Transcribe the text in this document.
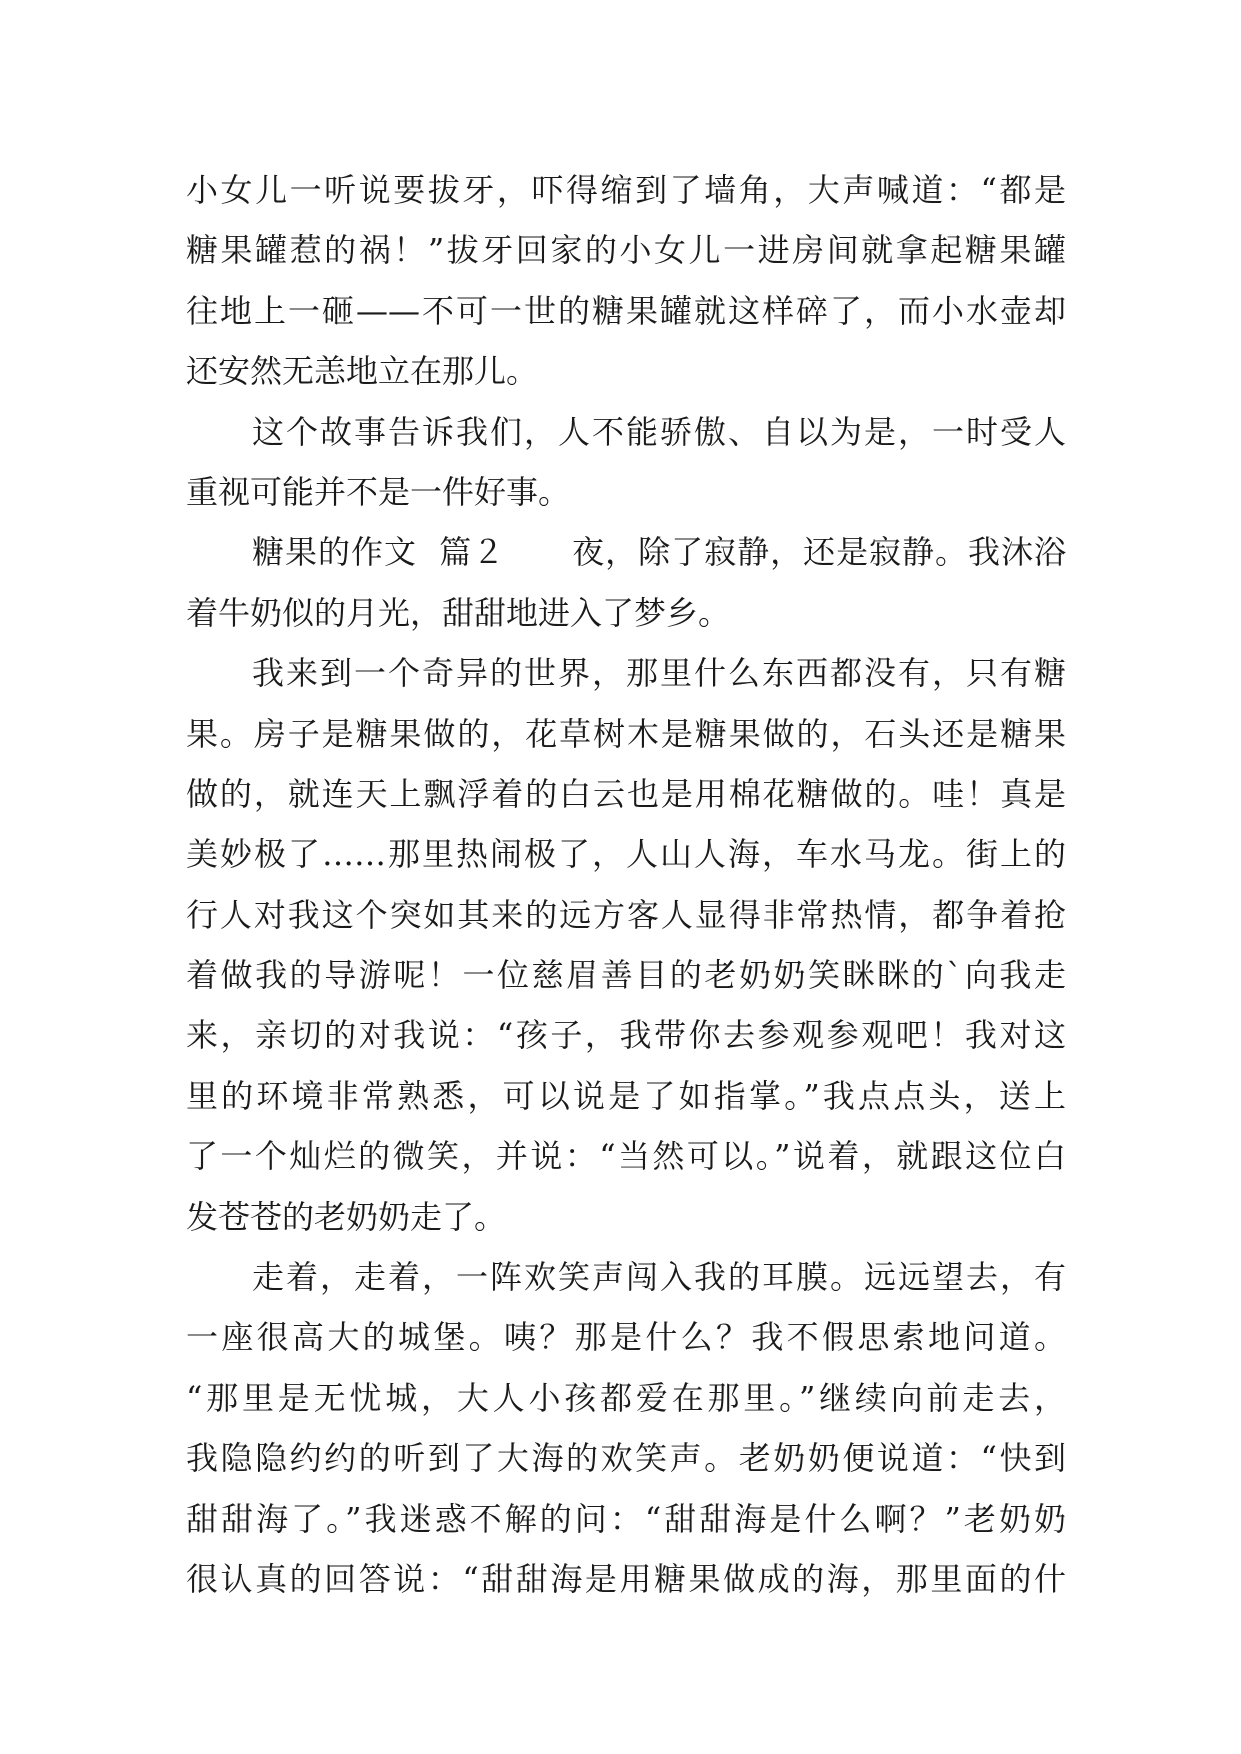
小女儿一听说要拔牙，吓得缩到了墙角，大声喊道：“都是
糖果罐惹的祸！”拔牙回家的小女儿一进房间就拿起糖果罐
往地上一砸——不可一世的糖果罐就这样碎了，而小水壶却
还安然无恙地立在那儿。
这个故事告诉我们，人不能骄傲、自以为是，一时受人
重视可能并不是一件好事。
糖果的作文  篇２      夜，除了寂静，还是寂静。我沐浴
着牛奶似的月光，甜甜地进入了梦乡。
我来到一个奇异的世界，那里什么东西都没有，只有糖
果。房子是糖果做的，花草树木是糖果做的，石头还是糖果
做的，就连天上飘浮着的白云也是用棉花糖做的。哇！真是
美妙极了……那里热闹极了，人山人海，车水马龙。街上的
行人对我这个突如其来的远方客人显得非常热情，都争着抢
着做我的导游呢！一位慈眉善目的老奶奶笑眯眯的`向我走
来，亲切的对我说：“孩子，我带你去参观参观吧！我对这
里的环境非常熟悉，可以说是了如指掌。”我点点头，送上
了一个灿烂的微笑，并说：“当然可以。”说着，就跟这位白
发苍苍的老奶奶走了。
走着，走着，一阵欢笑声闯入我的耳膜。远远望去，有
一座很高大的城堡。咦？那是什么？我不假思索地问道。
“那里是无忧城，大人小孩都爱在那里。”继续向前走去，
我隐隐约约的听到了大海的欢笑声。老奶奶便说道：“快到
甜甜海了。”我迷惑不解的问：“甜甜海是什么啊？”老奶奶
很认真的回答说：“甜甜海是用糖果做成的海，那里面的什
